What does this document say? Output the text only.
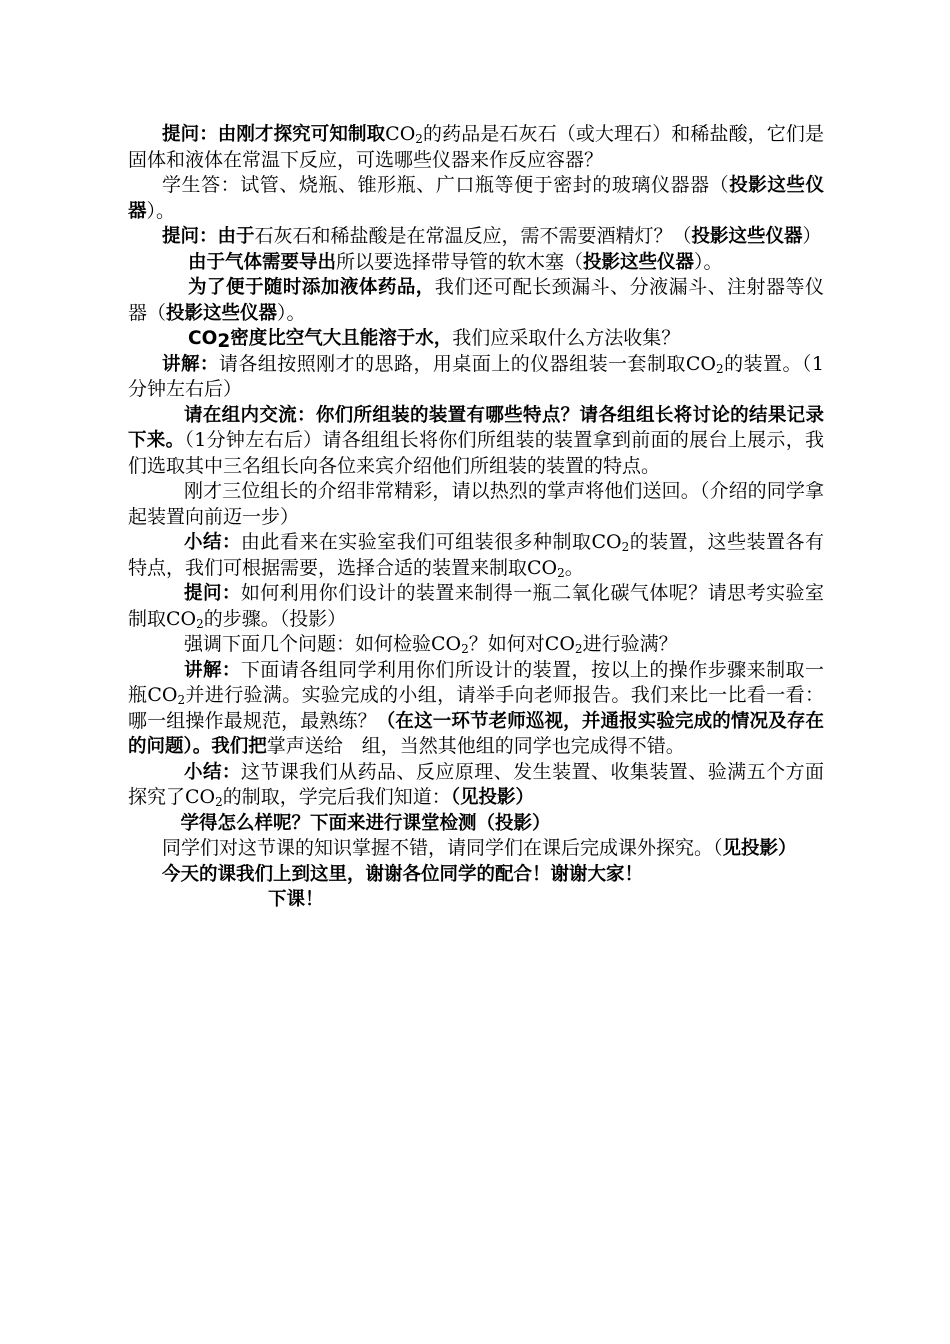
提问：由刚才探究可知制取$CO_2$的药品是石灰石（或大理石）和稀盐酸，它们是固体和液体在常温下反应，可选哪些仪器来作反应容器？

学生答：试管、烧瓶、锥形瓶、广口瓶等便于密封的玻璃仪器器（投影这些仪器）。

提问：由于石灰石和稀盐酸是在常温反应，需不需要酒精灯？（投影这些仪器）

由于气体需要导出所以要选择带导管的软木塞（投影这些仪器）。

为了便于随时添加液体药品，我们还可配长颈漏斗、分液漏斗、注射器等仪器（投影这些仪器）。

$CO_2$密度比空气大且能溶于水，我们应采取什么方法收集？

讲解：请各组按照刚才的思路，用桌面上的仪器组装一套制取$CO_2$的装置。（1分钟左右后）

请在组内交流：你们所组装的装置有哪些特点？请各组组长将讨论的结果记录下来。（1分钟左右后）请各组组长将你们所组装的装置拿到前面的展台上展示，我们选取其中三名组长向各位来宾介绍他们所组装的装置的特点。

刚才三位组长的介绍非常精彩，请以热烈的掌声将他们送回。（介绍的同学拿起装置向前迈一步）

小结：由此看来在实验室我们可组装很多种制取$CO_2$的装置，这些装置各有特点，我们可根据需要，选择合适的装置来制取$CO_2$。

提问：如何利用你们设计的装置来制得一瓶二氧化碳气体呢？请思考实验室制取$CO_2$的步骤。（投影）

强调下面几个问题：如何检验$CO_2$？如何对$CO_2$进行验满？

讲解：下面请各组同学利用你们所设计的装置，按以上的操作步骤来制取一瓶$CO_2$并进行验满。实验完成的小组，请举手向老师报告。我们来比一比看一看：哪一组操作最规范，最熟练？（在这一环节老师巡视，并通报实验完成的情况及存在的问题）。我们把掌声送给　组，当然其他组的同学也完成得不错。

小结：这节课我们从药品、反应原理、发生装置、收集装置、验满五个方面探究了$CO_2$的制取，学完后我们知道：（见投影）

　学得怎么样呢？下面来进行课堂检测（投影）

同学们对这节课的知识掌握不错，请同学们在课后完成课外探究。（见投影）

今天的课我们上到这里，谢谢各位同学的配合！谢谢大家！

下课！
